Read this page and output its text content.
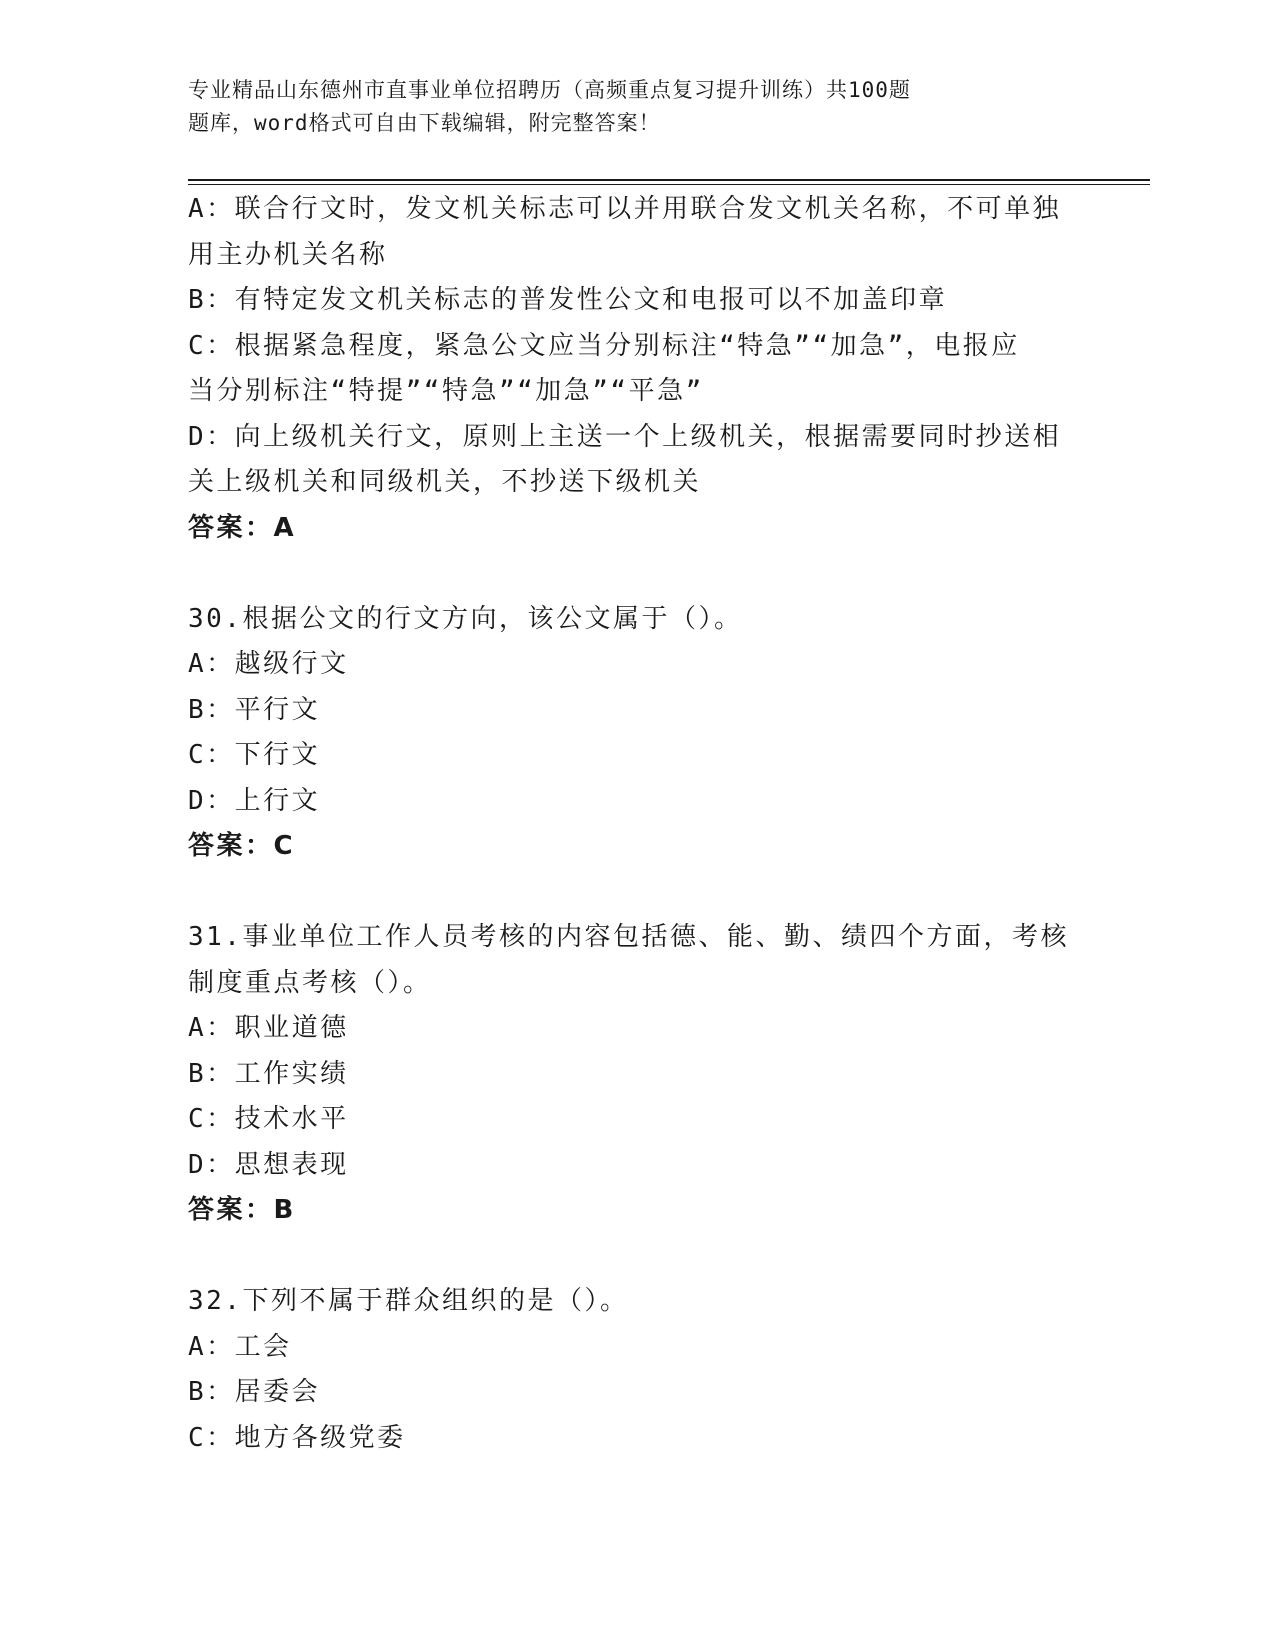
专业精品山东德州市直事业单位招聘历（高频重点复习提升训练）共100题
题库，word格式可自由下载编辑，附完整答案！
A：联合行文时，发文机关标志可以并用联合发文机关名称，不可单独
用主办机关名称
B：有特定发文机关标志的普发性公文和电报可以不加盖印章
C：根据紧急程度，紧急公文应当分别标注“特急”“加急”，电报应
当分别标注“特提”“特急”“加急”“平急”
D：向上级机关行文，原则上主送一个上级机关，根据需要同时抄送相
关上级机关和同级机关，不抄送下级机关
答案：A
30.根据公文的行文方向，该公文属于（）。
A：越级行文
B：平行文
C：下行文
D：上行文
答案：C
31.事业单位工作人员考核的内容包括德、能、勤、绩四个方面，考核
制度重点考核（）。
A：职业道德
B：工作实绩
C：技术水平
D：思想表现
答案：B
32.下列不属于群众组织的是（）。
A：工会
B：居委会
C：地方各级党委
